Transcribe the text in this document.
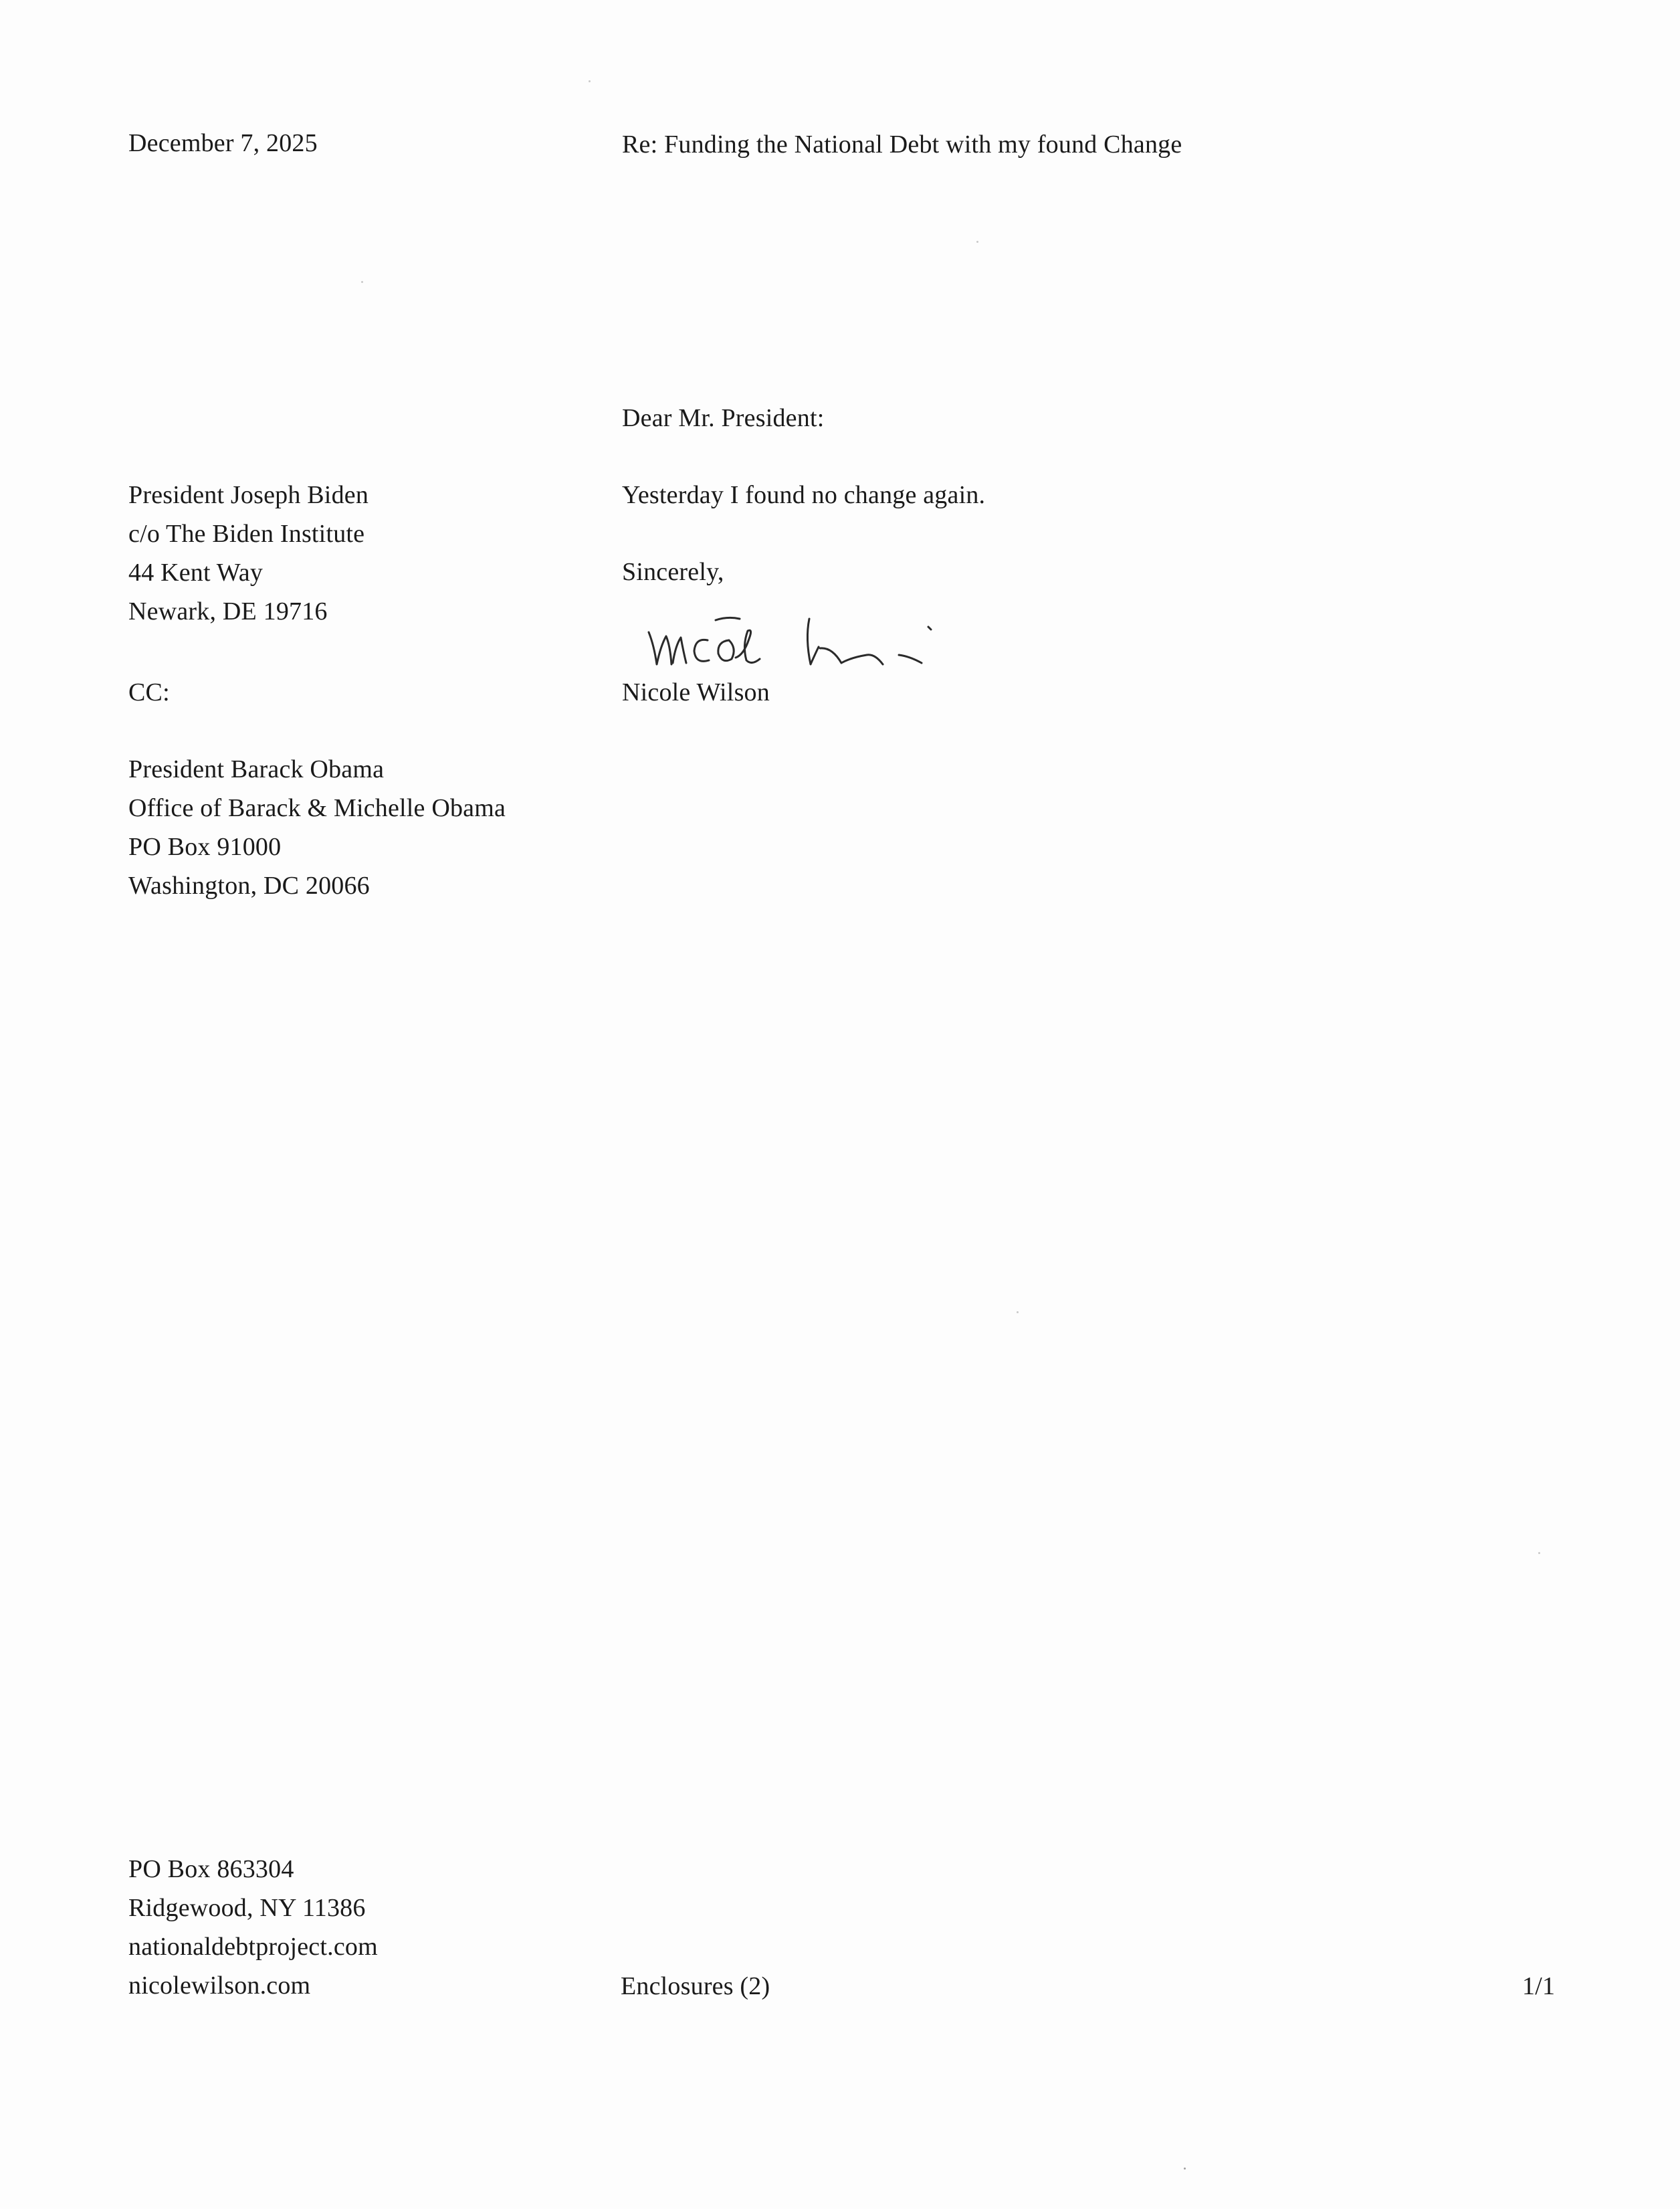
December 7, 2025	Re: Funding the National Debt with my found Change
Dear Mr. President:
President Joseph Biden
c/o The Biden Institute
44 Kent Way
Newark, DE 19716
Yesterday I found no change again.
Sincerely,
Nicole Wilson
CC:
President Barack Obama
Office of Barack & Michelle Obama
PO Box 91000
Washington, DC 20066
PO Box 863304
Ridgewood, NY 11386
nationaldebtproject.com
nicolewilson.com	Enclosures (2)	1/1
